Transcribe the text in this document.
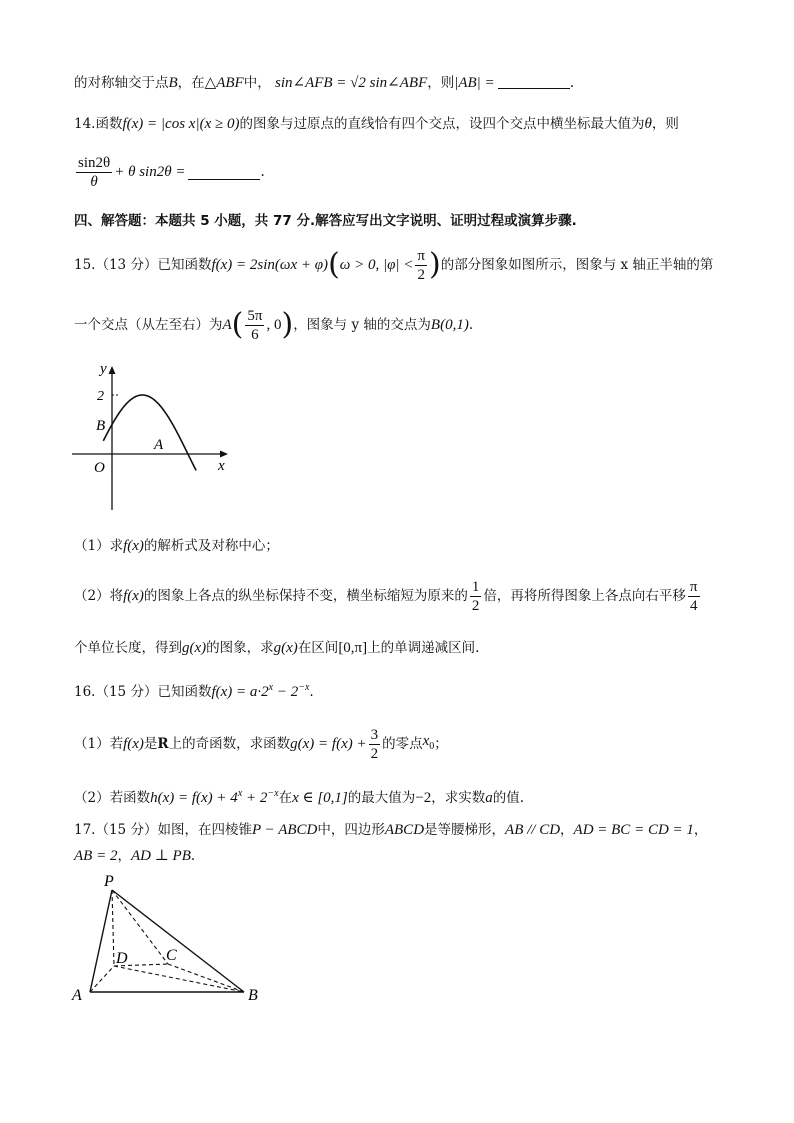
的对称轴交于点B，在△ABF中， sin∠AFB = √2 sin∠ABF，则|AB| =	.
14.函数f(x) = |cos x|(x ≥ 0)的图象与过原点的直线恰有四个交点，设四个交点中横坐标最大值为θ，则
$\frac{\sin 2\theta}{\theta} + \theta$ sin2θ =	.
四、解答题：本题共 5 小题，共 77 分.解答应写出文字说明、证明过程或演算步骤.
15.（13 分）已知函数 f(x) = 2sin(ωx + φ) ( ω > 0, $|\varphi| < \frac{\pi}{2}$ ) 的部分图象如图所示，图象与 x 轴正半轴的第
一个交点（从左至右）为 A ( $\frac{5\pi}{6}$ , 0 ) ，图象与 y 轴的交点为 B(0,1) .
y
x
2
B
A
O
（1）求f(x)的解析式及对称中心；
（2）将 f(x) 的图象上各点的纵坐标保持不变，横坐标缩短为原来的 $\frac{1}{2}$ 倍，再将所得图象上各点向右平移 $\frac{\pi}{4}$
个单位长度，得到g(x)的图象，求g(x)在区间[0,π]上的单调递减区间.
16.（15 分）已知函数$f(x) = a\cdot 2^x - 2^{-x}$.
（1）若 f(x) 是 R 上的奇函数，求函数 $g(x) = f(x) + \frac{3}{2}$ 的零点 $x_0$ ；
（2）若函数$h(x) = f(x) + 4^x + 2^{-x}$在x ∈ [0,1]的最大值为−2，求实数a的值.
17.（15 分）如图，在四棱锥P − ABCD中，四边形ABCD是等腰梯形，AB // CD，AD = BC = CD = 1，
AB = 2，AD ⊥ PB.
P
A	B
C
D
